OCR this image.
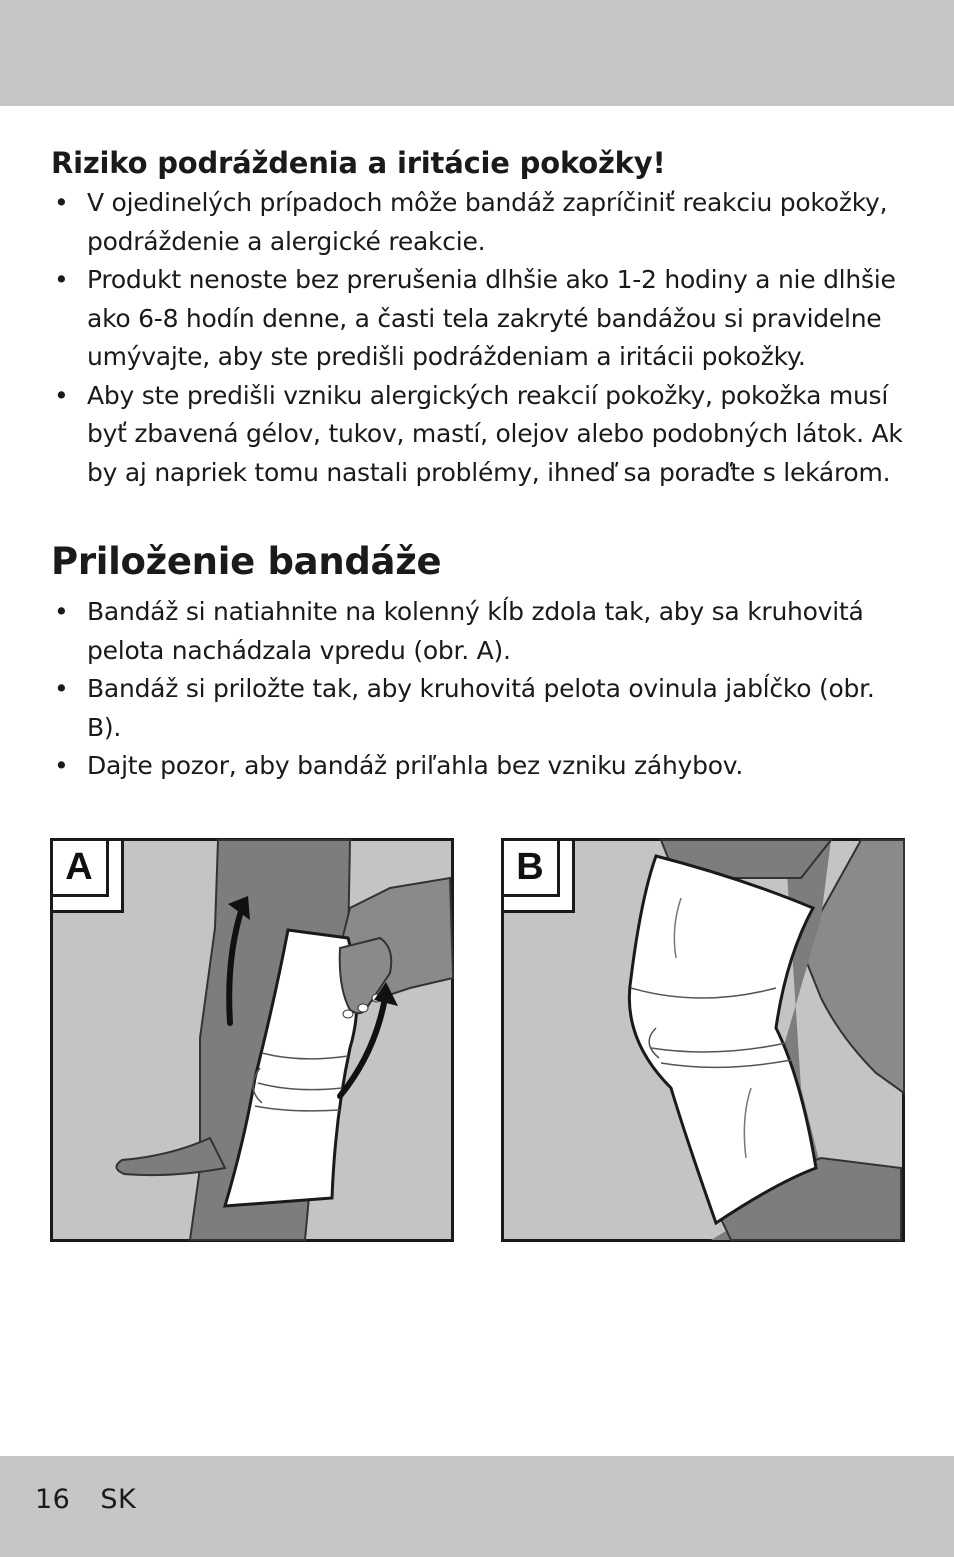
Riziko podráždenia a iritácie pokožky!
• V ojedinelých prípadoch môže bandáž zapríčiniť reakciu pokožky, podráždenie a alergické reakcie.
• Produkt nenoste bez prerušenia dlhšie ako 1-2 hodiny a nie dlhšie ako 6-8 hodín denne, a časti tela zakryté bandážou si pravidelne umývajte, aby ste predišli podráždeniam a iritácii pokožky.
• Aby ste predišli vzniku alergických reakcií pokožky, pokožka musí byť zbavená gélov, tukov, mastí, olejov alebo podobných látok. Ak by aj napriek tomu nastali problémy, ihneď sa poraďte s lekárom.
Priloženie bandáže
• Bandáž si natiahnite na kolenný kĺb zdola tak, aby sa kruhovitá pelota nachádzala vpredu (obr. A).
• Bandáž si priložte tak, aby kruhovitá pelota ovinula jabĺčko (obr. B).
• Dajte pozor, aby bandáž priľahla bez vzniku záhybov.
A	B
16 SK
